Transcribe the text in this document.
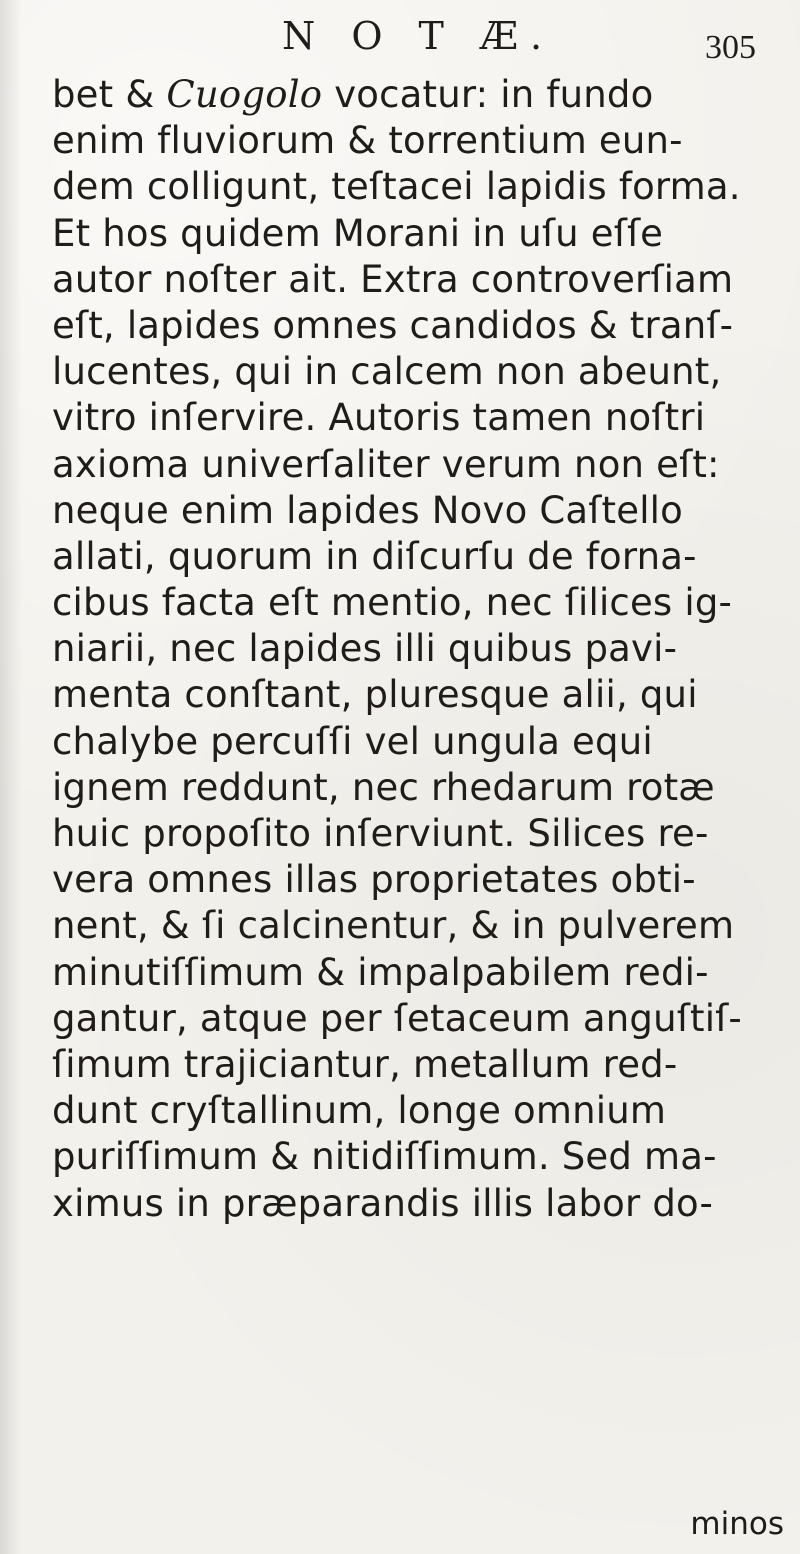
N O T Æ.	305
bet & Cuogolo vocatur: in fundo
enim fluviorum & torrentium eun-
dem colligunt, teſtacei lapidis forma.
Et hos quidem Morani in uſu eſſe
autor noſter ait. Extra controverſiam
eſt, lapides omnes candidos & tranſ-
lucentes, qui in calcem non abeunt,
vitro inſervire. Autoris tamen noſtri
axioma univerſaliter verum non eſt:
neque enim lapides Novo Caſtello
allati, quorum in diſcurſu de forna-
cibus facta eſt mentio, nec ſilices ig-
niarii, nec lapides illi quibus pavi-
menta conſtant, pluresque alii, qui
chalybe percuſſi vel ungula equi
ignem reddunt, nec rhedarum rotæ
huic propoſito inſerviunt. Silices re-
vera omnes illas proprietates obti-
nent, & ſi calcinentur, & in pulverem
minutiſſimum & impalpabilem redi-
gantur, atque per ſetaceum anguſtiſ-
ſimum trajiciantur, metallum red-
dunt cryſtallinum, longe omnium
puriſſimum & nitidiſſimum. Sed ma-
ximus in præparandis illis labor do-
minos
